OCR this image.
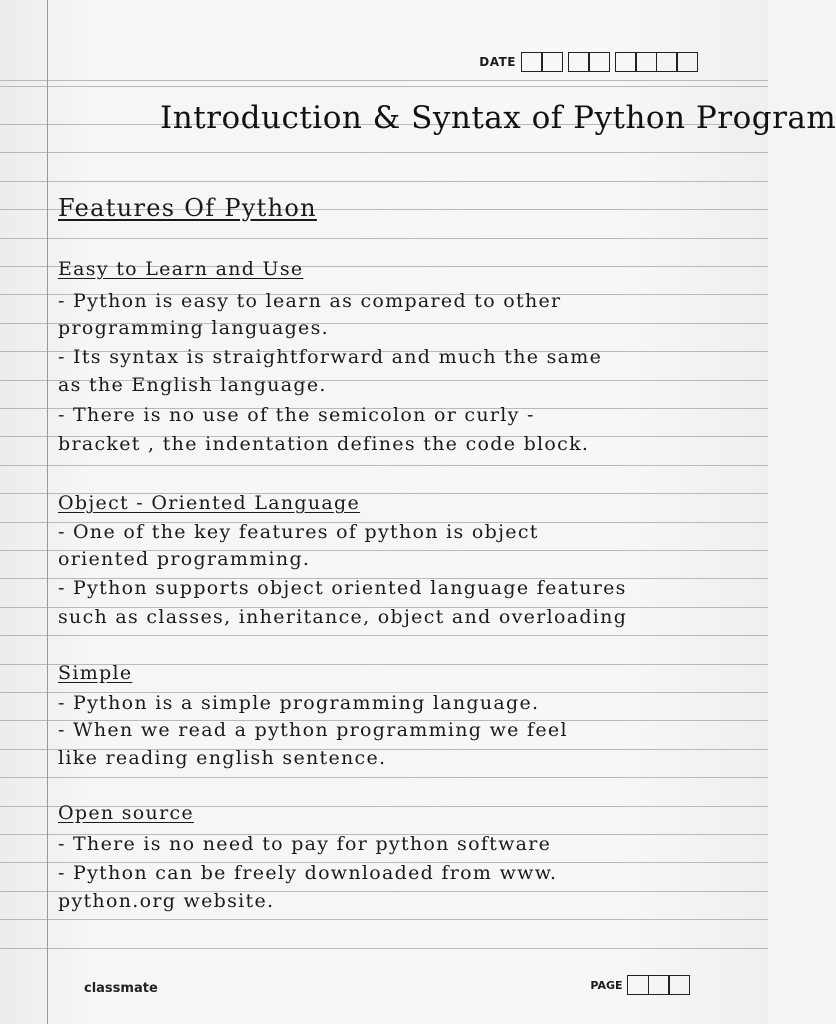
DATE
Introduction & Syntax of Python Program
Features Of Python
Easy to Learn and Use
- Python is easy to learn as compared to other
programming languages.
- Its syntax is straightforward and much the same
as the English language.
- There is no use of the semicolon or curly -
bracket , the indentation defines the code block.
Object - Oriented Language
- One of the key features of python is object
oriented programming.
- Python supports object oriented language features
such as classes, inheritance, object and overloading
Simple
- Python is a simple programming language.
- When we read a python programming we feel
like reading english sentence.
Open source
- There is no need to pay for python software
- Python can be freely downloaded from www.
python.org website.
classmate	PAGE
